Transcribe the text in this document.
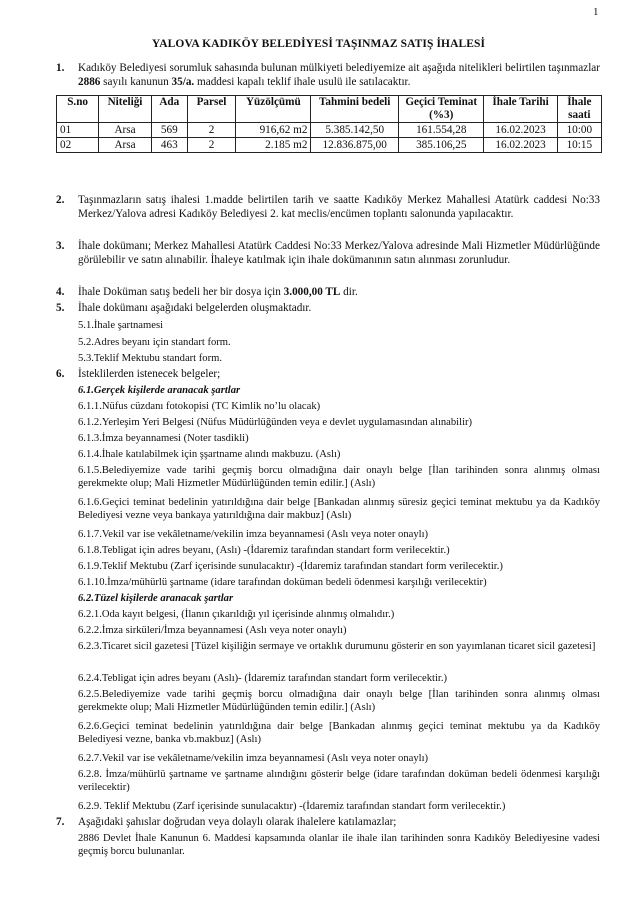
1
YALOVA KADIKÖY BELEDİYESİ TAŞINMAZ SATIŞ İHALESİ
1. Kadıköy Belediyesi sorumluk sahasında bulunan mülkiyeti belediyemize ait aşağıda nitelikleri belirtilen taşınmazlar 2886 sayılı kanunun 35/a. maddesi kapalı teklif ihale usulü ile satılacaktır.
S.no	Niteliği	Ada	Parsel	Yüzölçümü	Tahmini bedeli	Geçici Teminat (%3)	İhale Tarihi	İhale saati
01	Arsa	569	2	916,62 m2	5.385.142,50	161.554,28	16.02.2023	10:00
02	Arsa	463	2	2.185 m2	12.836.875,00	385.106,25	16.02.2023	10:15
2. Taşınmazların satış ihalesi 1.madde belirtilen tarih ve saatte Kadıköy Merkez Mahallesi Atatürk caddesi No:33 Merkez/Yalova adresi Kadıköy Belediyesi 2. kat meclis/encümen toplantı salonunda yapılacaktır.
3. İhale dokümanı; Merkez Mahallesi Atatürk Caddesi No:33 Merkez/Yalova adresinde Mali Hizmetler Müdürlüğünde görülebilir ve satın alınabilir. İhaleye katılmak için ihale dokümanının satın alınması zorunludur.
4. İhale Doküman satış bedeli her bir dosya için 3.000,00 TL dir.
5. İhale dokümanı aşağıdaki belgelerden oluşmaktadır.
5.1.İhale şartnamesi
5.2.Adres beyanı için standart form.
5.3.Teklif Mektubu standart form.
6. İsteklilerden istenecek belgeler;
6.1.Gerçek kişilerde aranacak şartlar
6.1.1.Nüfus cüzdanı fotokopisi (TC Kimlik no’lu olacak)
6.1.2.Yerleşim Yeri Belgesi (Nüfus Müdürlüğünden veya e devlet uygulamasından alınabilir)
6.1.3.İmza beyannamesi (Noter tasdikli)
6.1.4.İhale katılabilmek için şşartname alındı makbuzu. (Aslı)
6.1.5.Belediyemize vade tarihi geçmiş borcu olmadığına dair onaylı belge [İlan tarihinden sonra alınmış olması gerekmekte olup; Mali Hizmetler Müdürlüğünden temin edilir.] (Aslı)
6.1.6.Geçici teminat bedelinin yatırıldığına dair belge [Bankadan alınmış süresiz geçici teminat mektubu ya da Kadıköy Belediyesi vezne veya bankaya yatırıldığına dair makbuz] (Aslı)
6.1.7.Vekil var ise vekâletname/vekilin imza beyannamesi (Aslı veya noter onaylı)
6.1.8.Tebligat için adres beyanı, (Aslı) -(İdaremiz tarafından standart form verilecektir.)
6.1.9.Teklif Mektubu (Zarf içerisinde sunulacaktır) -(İdaremiz tarafından standart form verilecektir.)
6.1.10.İmza/mühürlü şartname (idare tarafından doküman bedeli ödenmesi karşılığı verilecektir)
6.2.Tüzel kişilerde aranacak şartlar
6.2.1.Oda kayıt belgesi, (İlanın çıkarıldığı yıl içerisinde alınmış olmalıdır.)
6.2.2.İmza sirküleri/İmza beyannamesi (Aslı veya noter onaylı)
6.2.3.Ticaret sicil gazetesi [Tüzel kişiliğin sermaye ve ortaklık durumunu gösterir en son yayımlanan ticaret sicil gazetesi]
6.2.4.Tebligat için adres beyanı (Aslı)- (İdaremiz tarafından standart form verilecektir.)
6.2.5.Belediyemize vade tarihi geçmiş borcu olmadığına dair onaylı belge [İlan tarihinden sonra alınmış olması gerekmekte olup; Mali Hizmetler Müdürlüğünden temin edilir.] (Aslı)
6.2.6.Geçici teminat bedelinin yatırıldığına dair belge [Bankadan alınmış geçici teminat mektubu ya da Kadıköy Belediyesi vezne, banka vb.makbuz] (Aslı)
6.2.7.Vekil var ise vekâletname/vekilin imza beyannamesi (Aslı veya noter onaylı)
6.2.8. İmza/mühürlü şartname ve şartname alındığını gösterir belge (idare tarafından doküman bedeli ödenmesi karşılığı verilecektir)
6.2.9. Teklif Mektubu (Zarf içerisinde sunulacaktır) -(İdaremiz tarafından standart form verilecektir.)
7. Aşağıdaki şahıslar doğrudan veya dolaylı olarak ihalelere katılamazlar;
2886 Devlet İhale Kanunun 6. Maddesi kapsamında olanlar ile ihale ilan tarihinden sonra Kadıköy Belediyesine vadesi geçmiş borcu bulunanlar.
